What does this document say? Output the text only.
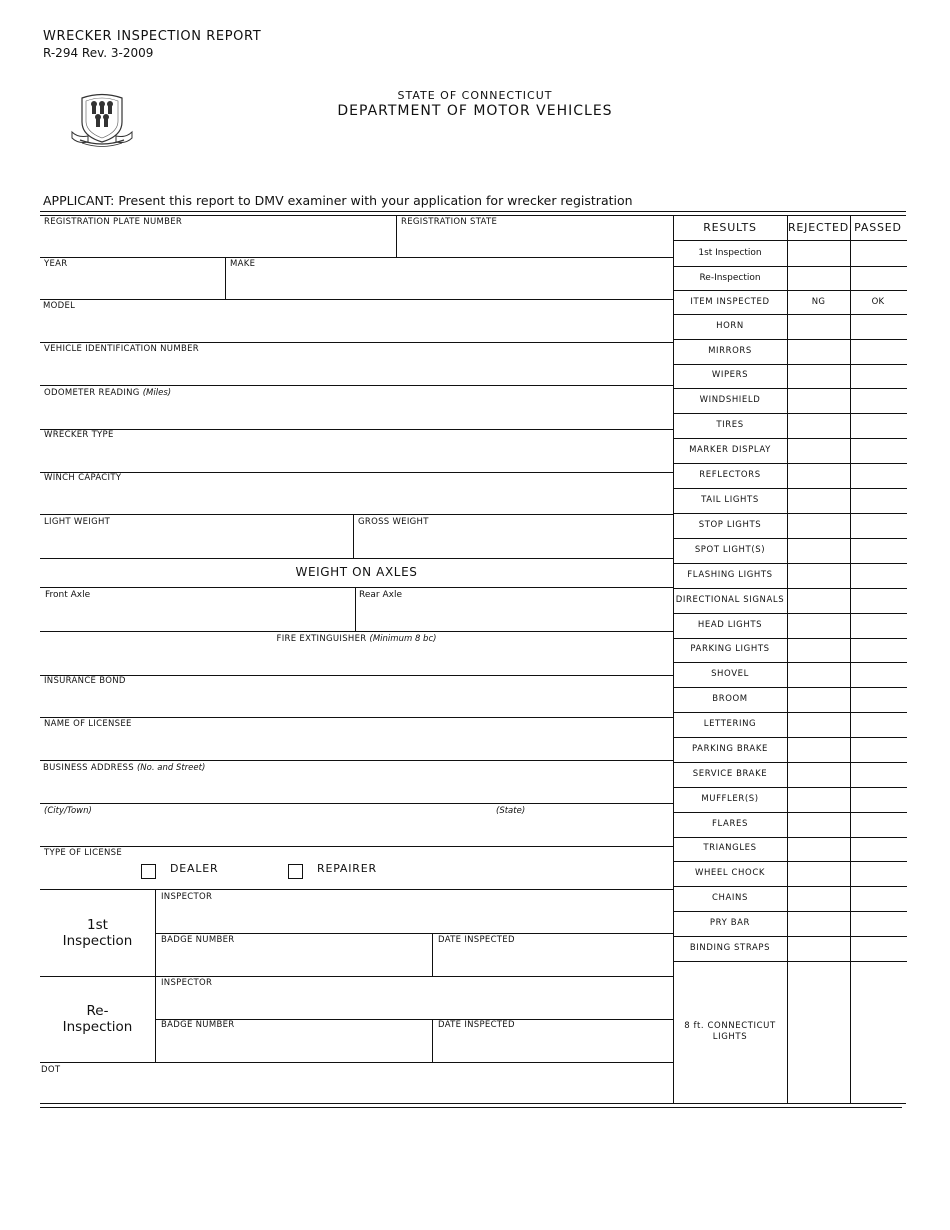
WRECKER INSPECTION REPORT
R-294 Rev. 3-2009
STATE OF CONNECTICUT
DEPARTMENT OF MOTOR VEHICLES
APPLICANT: Present this report to DMV examiner with your application for wrecker registration
REGISTRATION PLATE NUMBER	REGISTRATION STATE
YEAR	MAKE
MODEL
VEHICLE IDENTIFICATION NUMBER
ODOMETER READING (Miles)
WRECKER TYPE
WINCH CAPACITY
LIGHT WEIGHT	GROSS WEIGHT
WEIGHT ON AXLES
Front Axle	Rear Axle
FIRE EXTINGUISHER (Minimum 8 bc)
INSURANCE BOND
NAME OF LICENSEE
BUSINESS ADDRESS (No. and Street)
(City/Town)	(State)
TYPE OF LICENSE
DEALER	REPAIRER
1st
Inspection
INSPECTOR
BADGE NUMBER	DATE INSPECTED
Re-
Inspection
INSPECTOR
BADGE NUMBER	DATE INSPECTED
DOT
RESULTS	REJECTED PASSED
1st Inspection
Re-Inspection
ITEM INSPECTED	NG	OK
HORN
MIRRORS
WIPERS
WINDSHIELD
TIRES
MARKER DISPLAY
REFLECTORS
TAIL LIGHTS
STOP LIGHTS
SPOT LIGHT(S)
FLASHING LIGHTS
DIRECTIONAL SIGNALS
HEAD LIGHTS
PARKING LIGHTS
SHOVEL
BROOM
LETTERING
PARKING BRAKE
SERVICE BRAKE
MUFFLER(S)
FLARES
TRIANGLES
WHEEL CHOCK
CHAINS
PRY BAR
BINDING STRAPS
8 ft. CONNECTICUT
LIGHTS
